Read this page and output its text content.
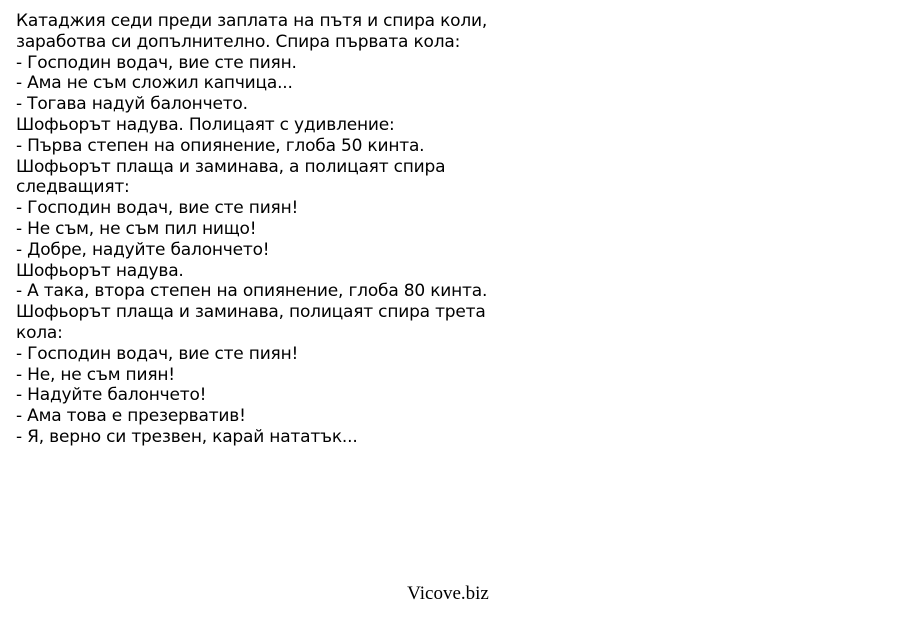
Катаджия седи преди заплата на пътя и спира коли,
заработва си допълнително. Спира първата кола:
- Господин водач, вие сте пиян.
- Ама не съм сложил капчица...
- Тогава надуй балончето.
Шофьорът надува. Полицаят с удивление:
- Първа степен на опиянение, глоба 50 кинта.
Шофьорът плаща и заминава, а полицаят спира
следващият:
- Господин водач, вие сте пиян!
- Не съм, не съм пил нищо!
- Добре, надуйте балончето!
Шофьорът надува.
- А така, втора степен на опиянение, глоба 80 кинта.
Шофьорът плаща и заминава, полицаят спира трета
кола:
- Господин водач, вие сте пиян!
- Не, не съм пиян!
- Надуйте балончето!
- Ама това е презерватив!
- Я, верно си трезвен, карай нататък...
Vicove.biz
